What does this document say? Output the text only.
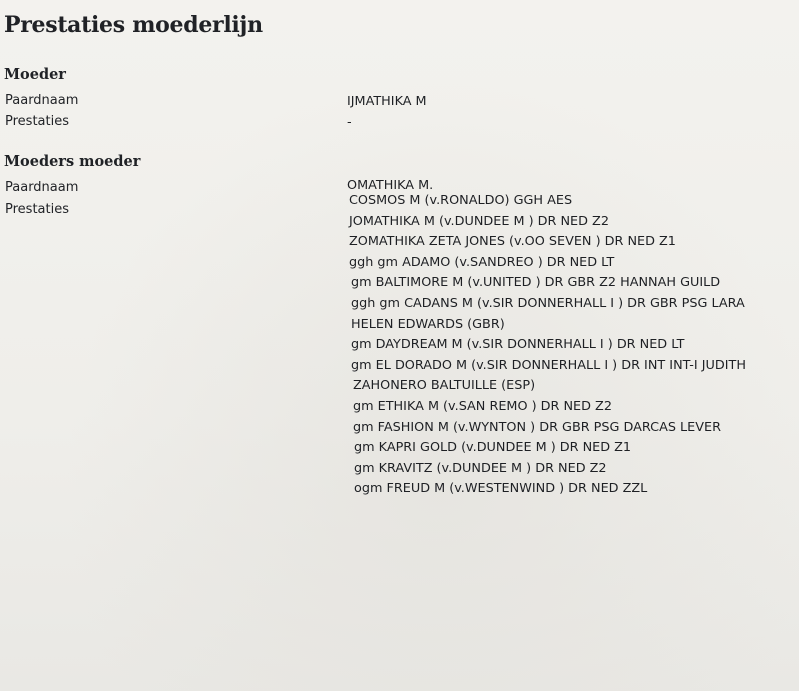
Prestaties moederlijn
Moeder
Paardnaam	IJMATHIKA M
Prestaties	-
Moeders moeder
Paardnaam	OMATHIKA M.
Prestaties
COSMOS M (v.RONALDO) GGH AES
JOMATHIKA M (v.DUNDEE M ) DR NED Z2
ZOMATHIKA ZETA JONES (v.OO SEVEN ) DR NED Z1
ggh gm ADAMO (v.SANDREO ) DR NED LT
gm BALTIMORE M (v.UNITED ) DR GBR Z2 HANNAH GUILD
ggh gm CADANS M (v.SIR DONNERHALL I ) DR GBR PSG LARA
HELEN EDWARDS (GBR)
gm DAYDREAM M (v.SIR DONNERHALL I ) DR NED LT
gm EL DORADO M (v.SIR DONNERHALL I ) DR INT INT-I JUDITH
ZAHONERO BALTUILLE (ESP)
gm ETHIKA M (v.SAN REMO ) DR NED Z2
gm FASHION M (v.WYNTON ) DR GBR PSG DARCAS LEVER
gm KAPRI GOLD (v.DUNDEE M ) DR NED Z1
gm KRAVITZ (v.DUNDEE M ) DR NED Z2
ogm FREUD M (v.WESTENWIND ) DR NED ZZL
